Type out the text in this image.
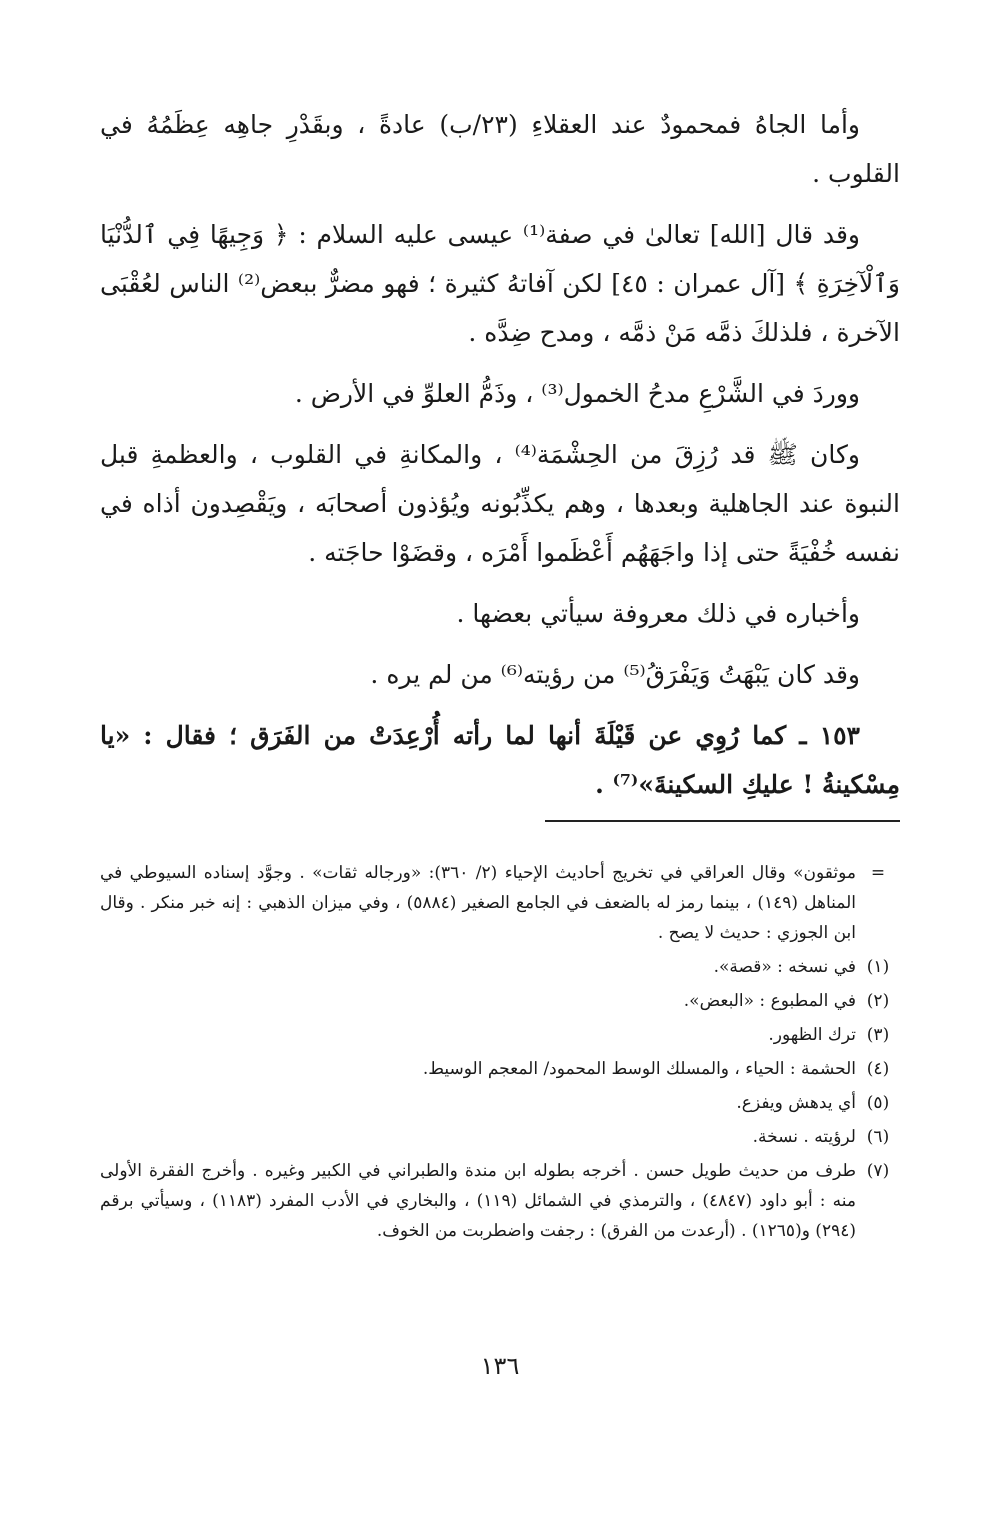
وأما الجاهُ فمحمودٌ عند العقلاءِ (٢٣/ب) عادةً ، وبقَدْرِ جاهِه عِظَمُهُ في القلوب .

وقد قال [الله] تعالىٰ في صفة⁽¹⁾ عيسى عليه السلام : ﴿ وَجِيهًا فِي ٱلدُّنْيَا وَٱلْآخِرَةِ ﴾ [آل عمران : ٤٥] لكن آفاتهُ كثيرة ؛ فهو مضرٌّ ببعض⁽²⁾ الناس لعُقْبَى الآخرة ، فلذلكَ ذمَّه مَنْ ذمَّه ، ومدح ضِدَّه .

ووردَ في الشَّرْعِ مدحُ الخمول⁽³⁾ ، وذَمُّ العلوِّ في الأرض .

وكان ﷺ قد رُزِقَ من الحِشْمَة⁽⁴⁾ ، والمكانةِ في القلوب ، والعظمةِ قبل النبوة عند الجاهلية وبعدها ، وهم يكذِّبُونه ويُؤذون أصحابَه ، ويَقْصِدون أذاه في نفسه خُفْيَةً حتى إذا واجَهَهُم أَعْظَموا أَمْرَه ، وقضَوْا حاجَته .

وأخباره في ذلك معروفة سيأتي بعضها .

وقد كان يَبْهَتُ وَيَفْرَقُ⁽⁵⁾ من رؤيته⁽⁶⁾ من لم يره .

١٥٣ ـ كما رُوِي عن قَيْلَةَ أنها لما رأته أُرْعِدَتْ من الفَرَق ؛ فقال : «يا مِسْكينةُ ! عليكِ السكينةَ»⁽⁷⁾ .

=
موثقون» وقال العراقي في تخريج أحاديث الإحياء (٢/ ٣٦٠): «ورجاله ثقات» . وجوَّد إسناده السيوطي في المناهل (١٤٩) ، بينما رمز له بالضعف في الجامع الصغير (٥٨٨٤) ، وفي ميزان الذهبي : إنه خبر منكر . وقال ابن الجوزي : حديث لا يصح .
(١)
في نسخه : «قصة».
(٢)
في المطبوع : «البعض».
(٣)
ترك الظهور.
(٤)
الحشمة : الحياء ، والمسلك الوسط المحمود/ المعجم الوسيط.
(٥)
أي يدهش ويفزع.
(٦)
لرؤيته . نسخة.
(٧)
طرف من حديث طويل حسن . أخرجه بطوله ابن مندة والطبراني في الكبير وغيره . وأخرج الفقرة الأولى منه : أبو داود (٤٨٤٧) ، والترمذي في الشمائل (١١٩) ، والبخاري في الأدب المفرد (١١٨٣) ، وسيأتي برقم (٢٩٤) و(١٢٦٥) . (أرعدت من الفرق) : رجفت واضطربت من الخوف.
١٣٦
